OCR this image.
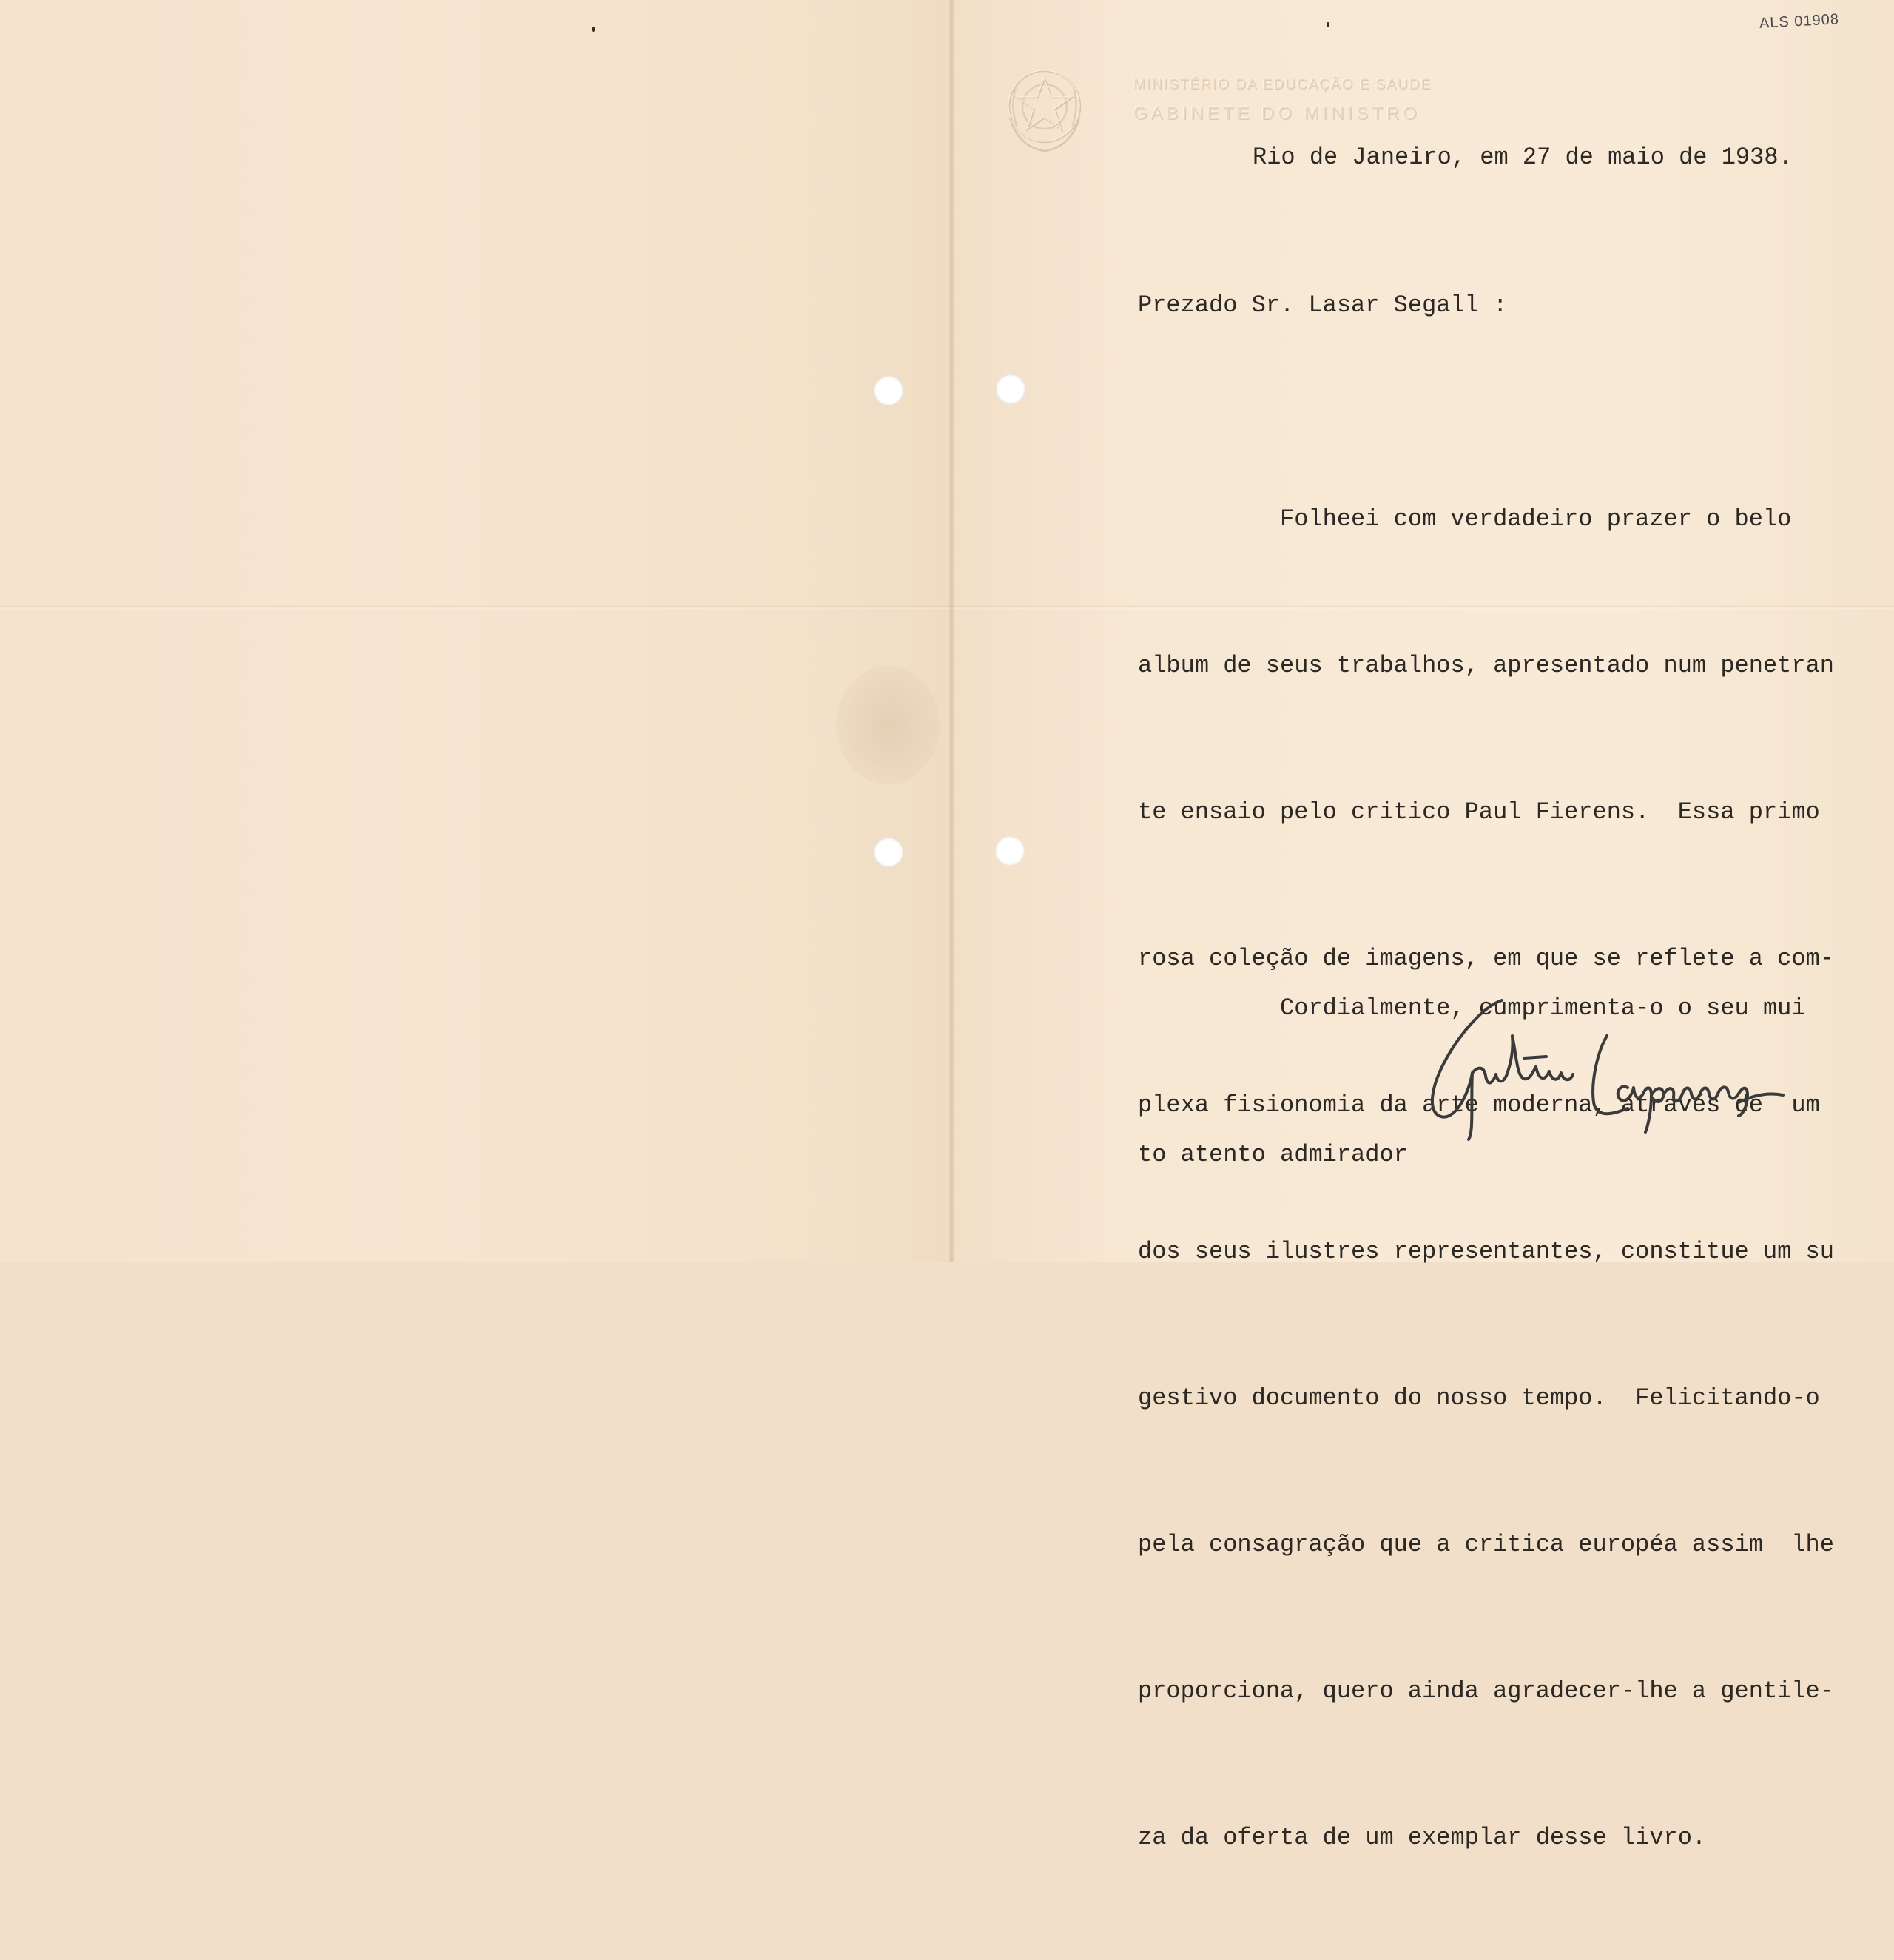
ALS 01908
MINISTÉRIO DA EDUCAÇÃO E SAUDE
GABINETE DO MINISTRO
Rio de Janeiro, em 27 de maio de 1938.
Prezado Sr. Lasar Segall :

Folheei com verdadeiro prazer o belo

album de seus trabalhos, apresentado num penetran

te ensaio pelo critico Paul Fierens.  Essa primo

rosa coleção de imagens, em que se reflete a com-

plexa fisionomia da arte moderna, através de  um

dos seus ilustres representantes, constitue um su

gestivo documento do nosso tempo.  Felicitando-o

pela consagração que a critica européa assim  lhe

proporciona, quero ainda agradecer-lhe a gentile-

za da oferta de um exemplar desse livro.

Cordialmente, cumprimenta-o o seu mui

to atento admirador
